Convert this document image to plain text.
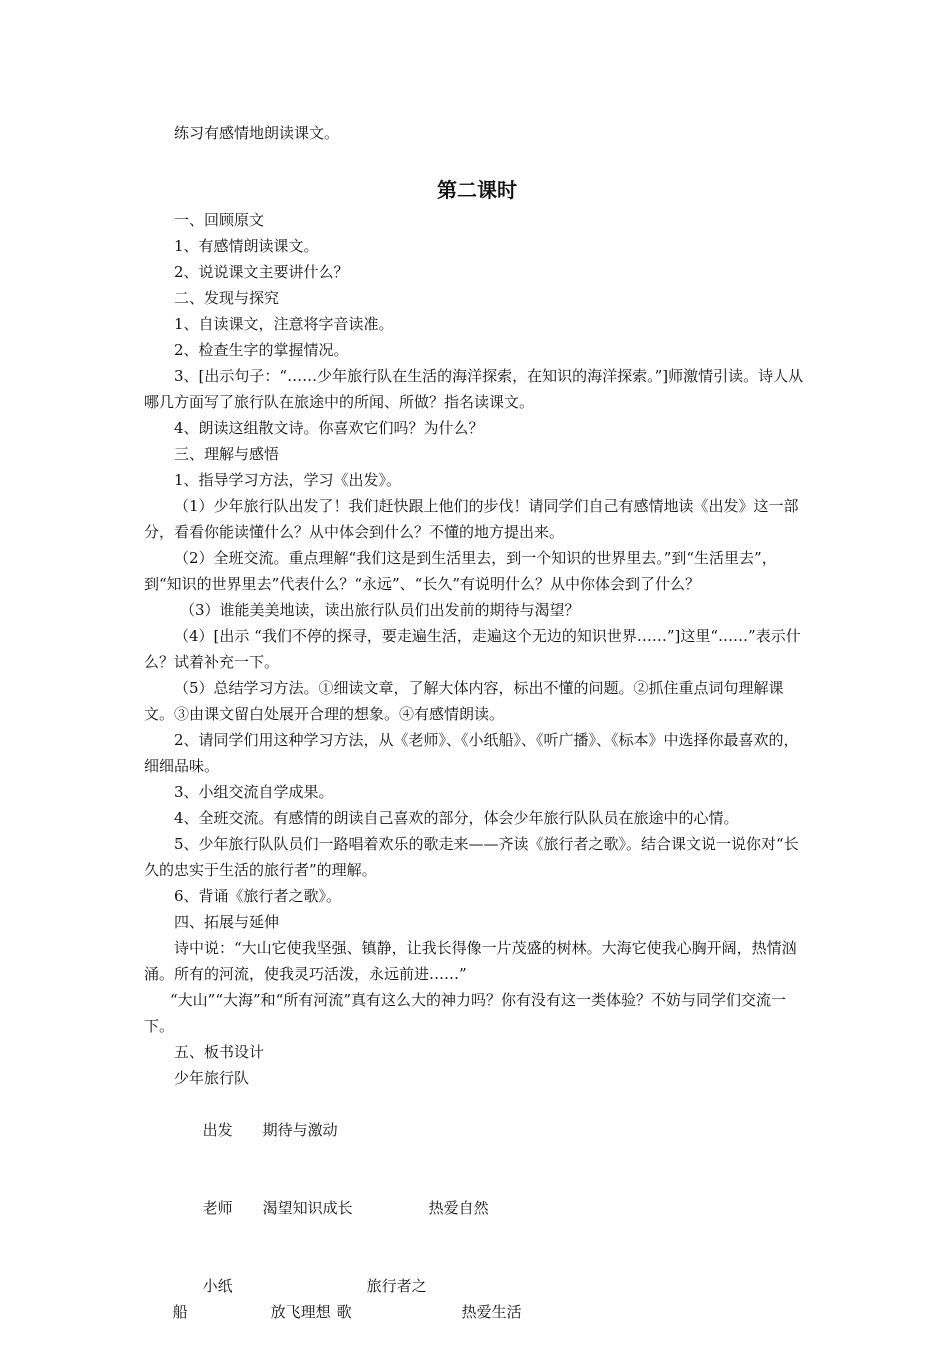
练习有感情地朗读课文。

第二课时

一、回顾原文

1、有感情朗读课文。

2、说说课文主要讲什么？

二、发现与探究

1、自读课文，注意将字音读准。

2、检查生字的掌握情况。

3、[出示句子：“……少年旅行队在生活的海洋探索，在知识的海洋探索。”]师激情引读。诗人从哪几方面写了旅行队在旅途中的所闻、所做？指名读课文。

4、朗读这组散文诗。你喜欢它们吗？为什么？

三、理解与感悟

1、指导学习方法，学习《出发》。

（1）少年旅行队出发了！我们赶快跟上他们的步伐！请同学们自己有感情地读《出发》这一部分，看看你能读懂什么？从中体会到什么？不懂的地方提出来。

（2）全班交流。重点理解“我们这是到生活里去，到一个知识的世界里去。”到“生活里去”，到“知识的世界里去”代表什么？“永远”、“长久”有说明什么？从中你体会到了什么？

（3）谁能美美地读，读出旅行队员们出发前的期待与渴望？

（4）[出示 “我们不停的探寻，要走遍生活，走遍这个无边的知识世界……”]这里“……”表示什么？试着补充一下。

（5）总结学习方法。①细读文章，了解大体内容，标出不懂的问题。②抓住重点词句理解课文。③由课文留白处展开合理的想象。④有感情朗读。

2、请同学们用这种学习方法，从《老师》、《小纸船》、《听广播》、《标本》中选择你最喜欢的，细细品味。

3、小组交流自学成果。

4、全班交流。有感情的朗读自己喜欢的部分，体会少年旅行队队员在旅途中的心情。

5、少年旅行队队员们一路唱着欢乐的歌走来——齐读《旅行者之歌》。结合课文说一说你对“长久的忠实于生活的旅行者”的理解。

6、背诵《旅行者之歌》。

四、拓展与延伸

诗中说：“大山它使我坚强、镇静，让我长得像一片茂盛的树林。大海它使我心胸开阔，热情汹涌。所有的河流，使我灵巧活泼，永远前进……”

“大山”“大海”和“所有河流”真有这么大的神力吗？你有没有这一类体验？不妨与同学们交流一下。

五、板书设计

少年旅行队

出发 期待与激动

老师 渴望知识成长	热爱自然

小纸船	放飞理想旅行者之歌	热爱生活
